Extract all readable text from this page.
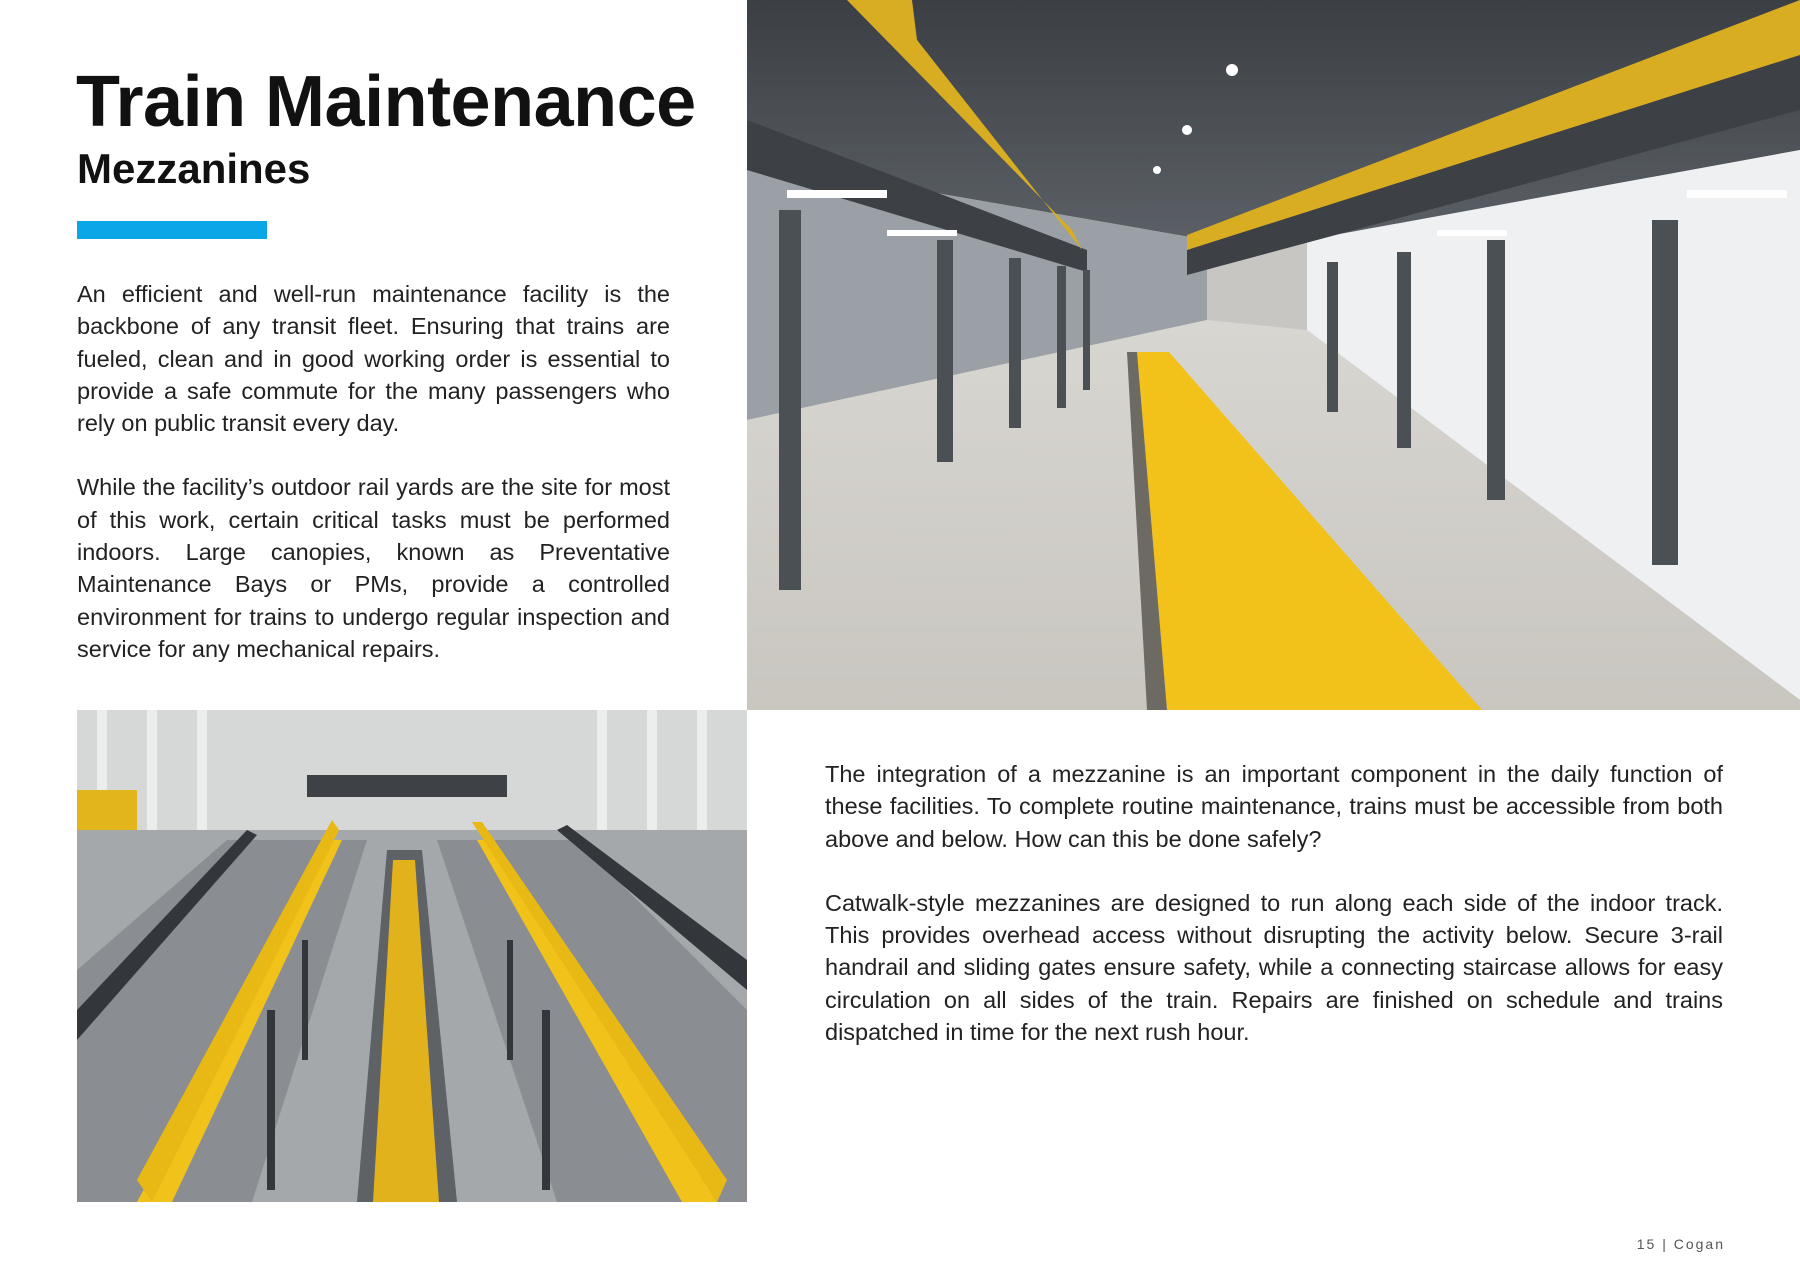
Train Maintenance
Mezzanines

An efficient and well-run maintenance facility is the backbone of any transit fleet. Ensuring that trains are fueled, clean and in good working order is essential to provide a safe commute for the many passengers who rely on public transit every day.

While the facility’s outdoor rail yards are the site for most of this work, certain critical tasks must be performed indoors. Large canopies, known as Preventative Maintenance Bays or PMs, provide a controlled environment for trains to undergo regular inspection and service for any mechanical repairs.

The integration of a mezzanine is an important component in the daily function of these facilities. To complete routine maintenance, trains must be accessible from both above and below. How can this be done safely?

Catwalk-style mezzanines are designed to run along each side of the indoor track. This provides overhead access without disrupting the activity below. Secure 3-rail handrail and sliding gates ensure safety, while a connecting staircase allows for easy circulation on all sides of the train. Repairs are finished on schedule and trains dispatched in time for the next rush hour.

15 | Cogan
